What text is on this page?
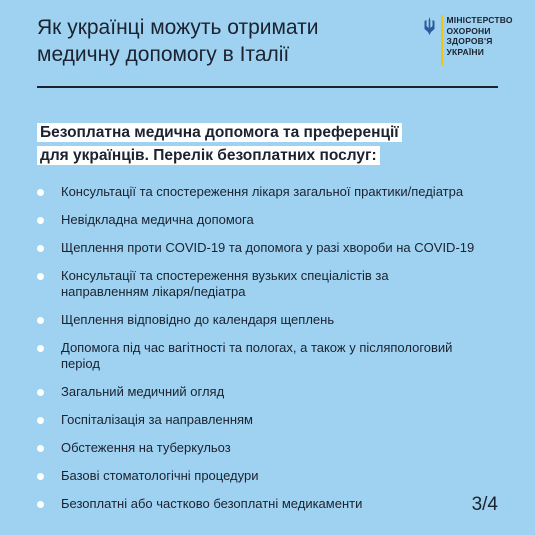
Як українці можуть отримати
медичну допомогу в Італії
МІНІСТЕРСТВО
ОХОРОНИ
ЗДОРОВ'Я
УКРАЇНИ
Безоплатна медична допомога та преференції
для українців. Перелік безоплатних послуг:
Консультації та спостереження лікаря загальної практики/педіатра
Невідкладна медична допомога
Щеплення проти COVID-19 та допомога у разі хвороби на COVID-19
Консультації та спостереження вузьких спеціалістів за направленням лікаря/педіатра
Щеплення відповідно до календаря щеплень
Допомога під час вагітності та пологах, а також у післяпологовий період
Загальний медичний огляд
Госпіталізація за направленням
Обстеження на туберкульоз
Базові стоматологічні процедури
Безоплатні або частково безоплатні медикаменти	3/4
